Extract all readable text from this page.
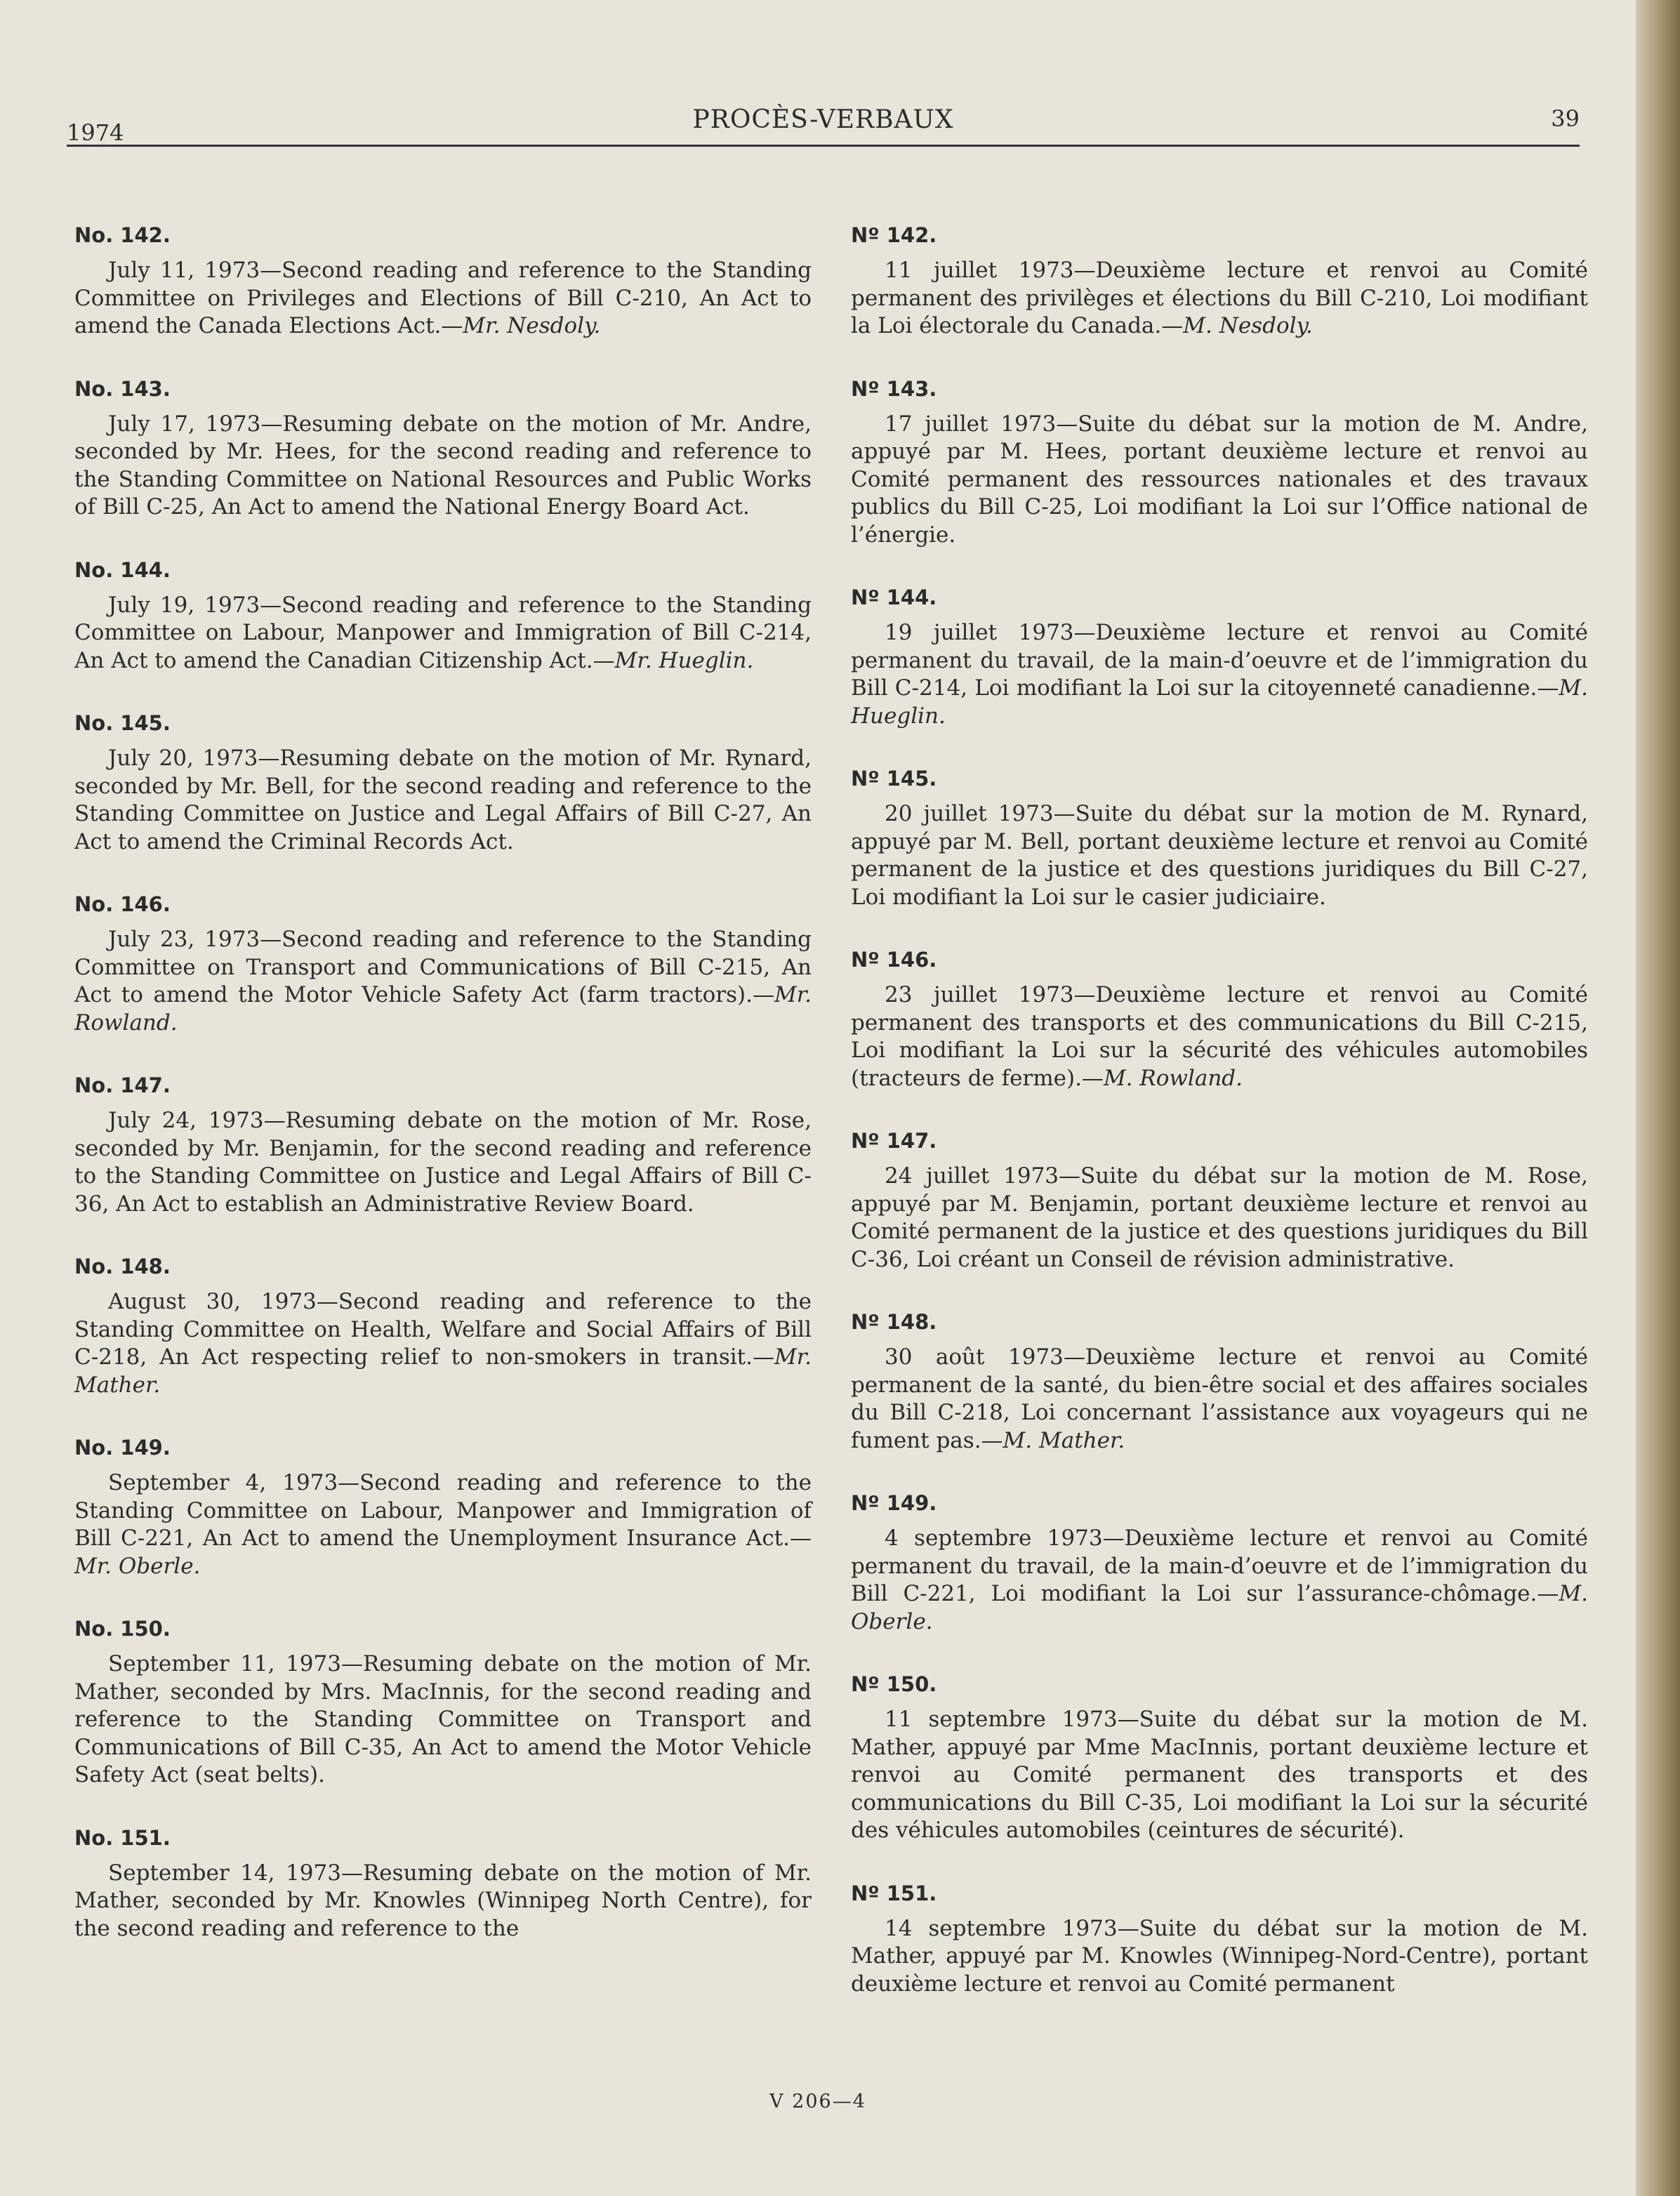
1974	PROCÈS-VERBAUX	39
No. 142.

July 11, 1973—Second reading and reference to the Standing Committee on Privileges and Elections of Bill C-210, An Act to amend the Canada Elections Act.—Mr. Nesdoly.

No. 143.

July 17, 1973—Resuming debate on the motion of Mr. Andre, seconded by Mr. Hees, for the second reading and reference to the Standing Committee on National Resources and Public Works of Bill C-25, An Act to amend the National Energy Board Act.

No. 144.

July 19, 1973—Second reading and reference to the Standing Committee on Labour, Manpower and Immigration of Bill C-214, An Act to amend the Canadian Citizenship Act.—Mr. Hueglin.

No. 145.

July 20, 1973—Resuming debate on the motion of Mr. Rynard, seconded by Mr. Bell, for the second reading and reference to the Standing Committee on Justice and Legal Affairs of Bill C-27, An Act to amend the Criminal Records Act.

No. 146.

July 23, 1973—Second reading and reference to the Standing Committee on Transport and Communications of Bill C-215, An Act to amend the Motor Vehicle Safety Act (farm tractors).—Mr. Rowland.

No. 147.

July 24, 1973—Resuming debate on the motion of Mr. Rose, seconded by Mr. Benjamin, for the second reading and reference to the Standing Committee on Justice and Legal Affairs of Bill C-36, An Act to establish an Administrative Review Board.

No. 148.

August 30, 1973—Second reading and reference to the Standing Committee on Health, Welfare and Social Affairs of Bill C-218, An Act respecting relief to non-smokers in transit.—Mr. Mather.

No. 149.

September 4, 1973—Second reading and reference to the Standing Committee on Labour, Manpower and Immigration of Bill C-221, An Act to amend the Unemployment Insurance Act.—Mr. Oberle.

No. 150.

September 11, 1973—Resuming debate on the motion of Mr. Mather, seconded by Mrs. MacInnis, for the second reading and reference to the Standing Committee on Transport and Communications of Bill C-35, An Act to amend the Motor Vehicle Safety Act (seat belts).

No. 151.

September 14, 1973—Resuming debate on the motion of Mr. Mather, seconded by Mr. Knowles (Winnipeg North Centre), for the second reading and reference to the

Nº 142.

11 juillet 1973—Deuxième lecture et renvoi au Comité permanent des privilèges et élections du Bill C-210, Loi modifiant la Loi électorale du Canada.—M. Nesdoly.

Nº 143.

17 juillet 1973—Suite du débat sur la motion de M. Andre, appuyé par M. Hees, portant deuxième lecture et renvoi au Comité permanent des ressources nationales et des travaux publics du Bill C-25, Loi modifiant la Loi sur l’Office national de l’énergie.

Nº 144.

19 juillet 1973—Deuxième lecture et renvoi au Comité permanent du travail, de la main-d’oeuvre et de l’immigration du Bill C-214, Loi modifiant la Loi sur la citoyenneté canadienne.—M. Hueglin.

Nº 145.

20 juillet 1973—Suite du débat sur la motion de M. Rynard, appuyé par M. Bell, portant deuxième lecture et renvoi au Comité permanent de la justice et des questions juridiques du Bill C-27, Loi modifiant la Loi sur le casier judiciaire.

Nº 146.

23 juillet 1973—Deuxième lecture et renvoi au Comité permanent des transports et des communications du Bill C-215, Loi modifiant la Loi sur la sécurité des véhicules automobiles (tracteurs de ferme).—M. Rowland.

Nº 147.

24 juillet 1973—Suite du débat sur la motion de M. Rose, appuyé par M. Benjamin, portant deuxième lecture et renvoi au Comité permanent de la justice et des questions juridiques du Bill C-36, Loi créant un Conseil de révision administrative.

Nº 148.

30 août 1973—Deuxième lecture et renvoi au Comité permanent de la santé, du bien-être social et des affaires sociales du Bill C-218, Loi concernant l’assistance aux voyageurs qui ne fument pas.—M. Mather.

Nº 149.

4 septembre 1973—Deuxième lecture et renvoi au Comité permanent du travail, de la main-d’oeuvre et de l’immigration du Bill C-221, Loi modifiant la Loi sur l’assurance-chômage.—M. Oberle.

Nº 150.

11 septembre 1973—Suite du débat sur la motion de M. Mather, appuyé par Mme MacInnis, portant deuxième lecture et renvoi au Comité permanent des transports et des communications du Bill C-35, Loi modifiant la Loi sur la sécurité des véhicules automobiles (ceintures de sécurité).

Nº 151.

14 septembre 1973—Suite du débat sur la motion de M. Mather, appuyé par M. Knowles (Winnipeg-Nord-Centre), portant deuxième lecture et renvoi au Comité permanent

V 206—4
